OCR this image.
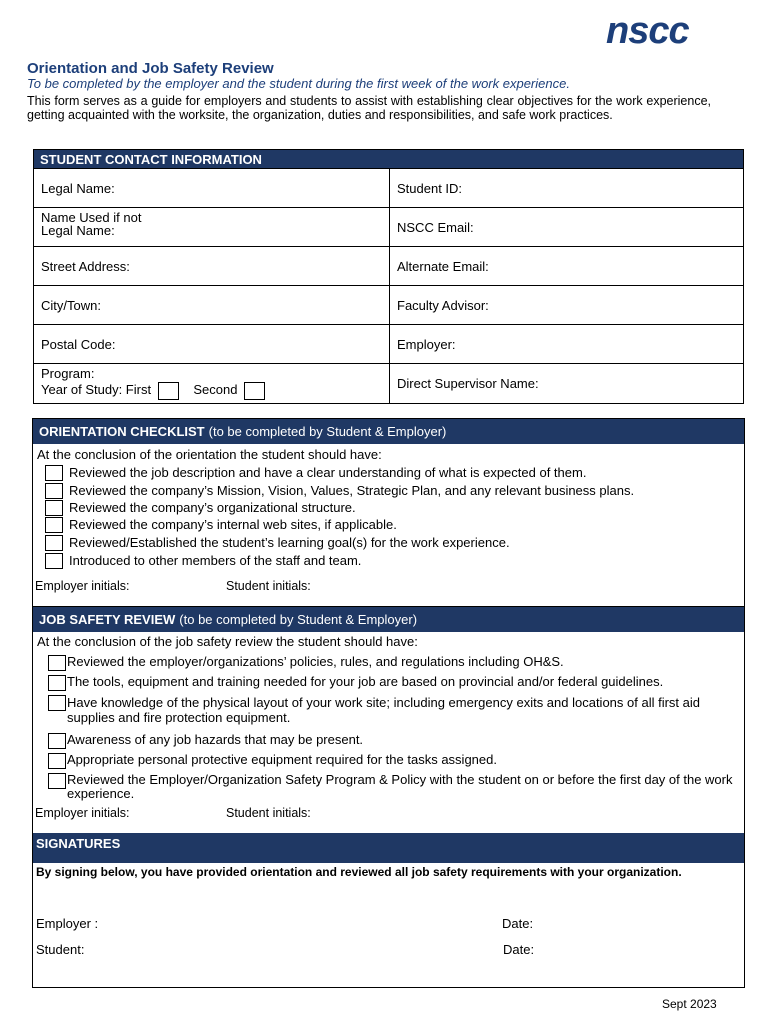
nscc
Orientation and Job Safety Review
To be completed by the employer and the student during the first week of the work experience.
This form serves as a guide for employers and students to assist with establishing clear objectives for the work experience, getting acquainted with the worksite, the organization, duties and responsibilities, and safe work practices.
STUDENT CONTACT INFORMATION
Legal Name:	Student ID:
Name Used if not
Legal Name:	NSCC Email:
Street Address:	Alternate Email:
City/Town:	Faculty Advisor:
Postal Code:	Employer:
Program:
Year of Study: First	Second	Direct Supervisor Name:
ORIENTATION CHECKLIST (to be completed by Student & Employer)
At the conclusion of the orientation the student should have:
Reviewed the job description and have a clear understanding of what is expected of them.
Reviewed the company’s Mission, Vision, Values, Strategic Plan, and any relevant business plans.
Reviewed the company’s organizational structure.
Reviewed the company’s internal web sites, if applicable.
Reviewed/Established the student’s learning goal(s) for the work experience.
Introduced to other members of the staff and team.
Employer initials:	Student initials:
JOB SAFETY REVIEW (to be completed by Student & Employer)
At the conclusion of the job safety review the student should have:
Reviewed the employer/organizations’ policies, rules, and regulations including OH&S.
The tools, equipment and training needed for your job are based on provincial and/or federal guidelines.
Have knowledge of the physical layout of your work site; including emergency exits and locations of all first aid supplies and fire protection equipment.
Awareness of any job hazards that may be present.
Appropriate personal protective equipment required for the tasks assigned.
Reviewed the Employer/Organization Safety Program & Policy with the student on or before the first day of the work experience.
Employer initials:	Student initials:
SIGNATURES
By signing below, you have provided orientation and reviewed all job safety requirements with your organization.
Employer :	Date:
Student:	Date:
Sept 2023
